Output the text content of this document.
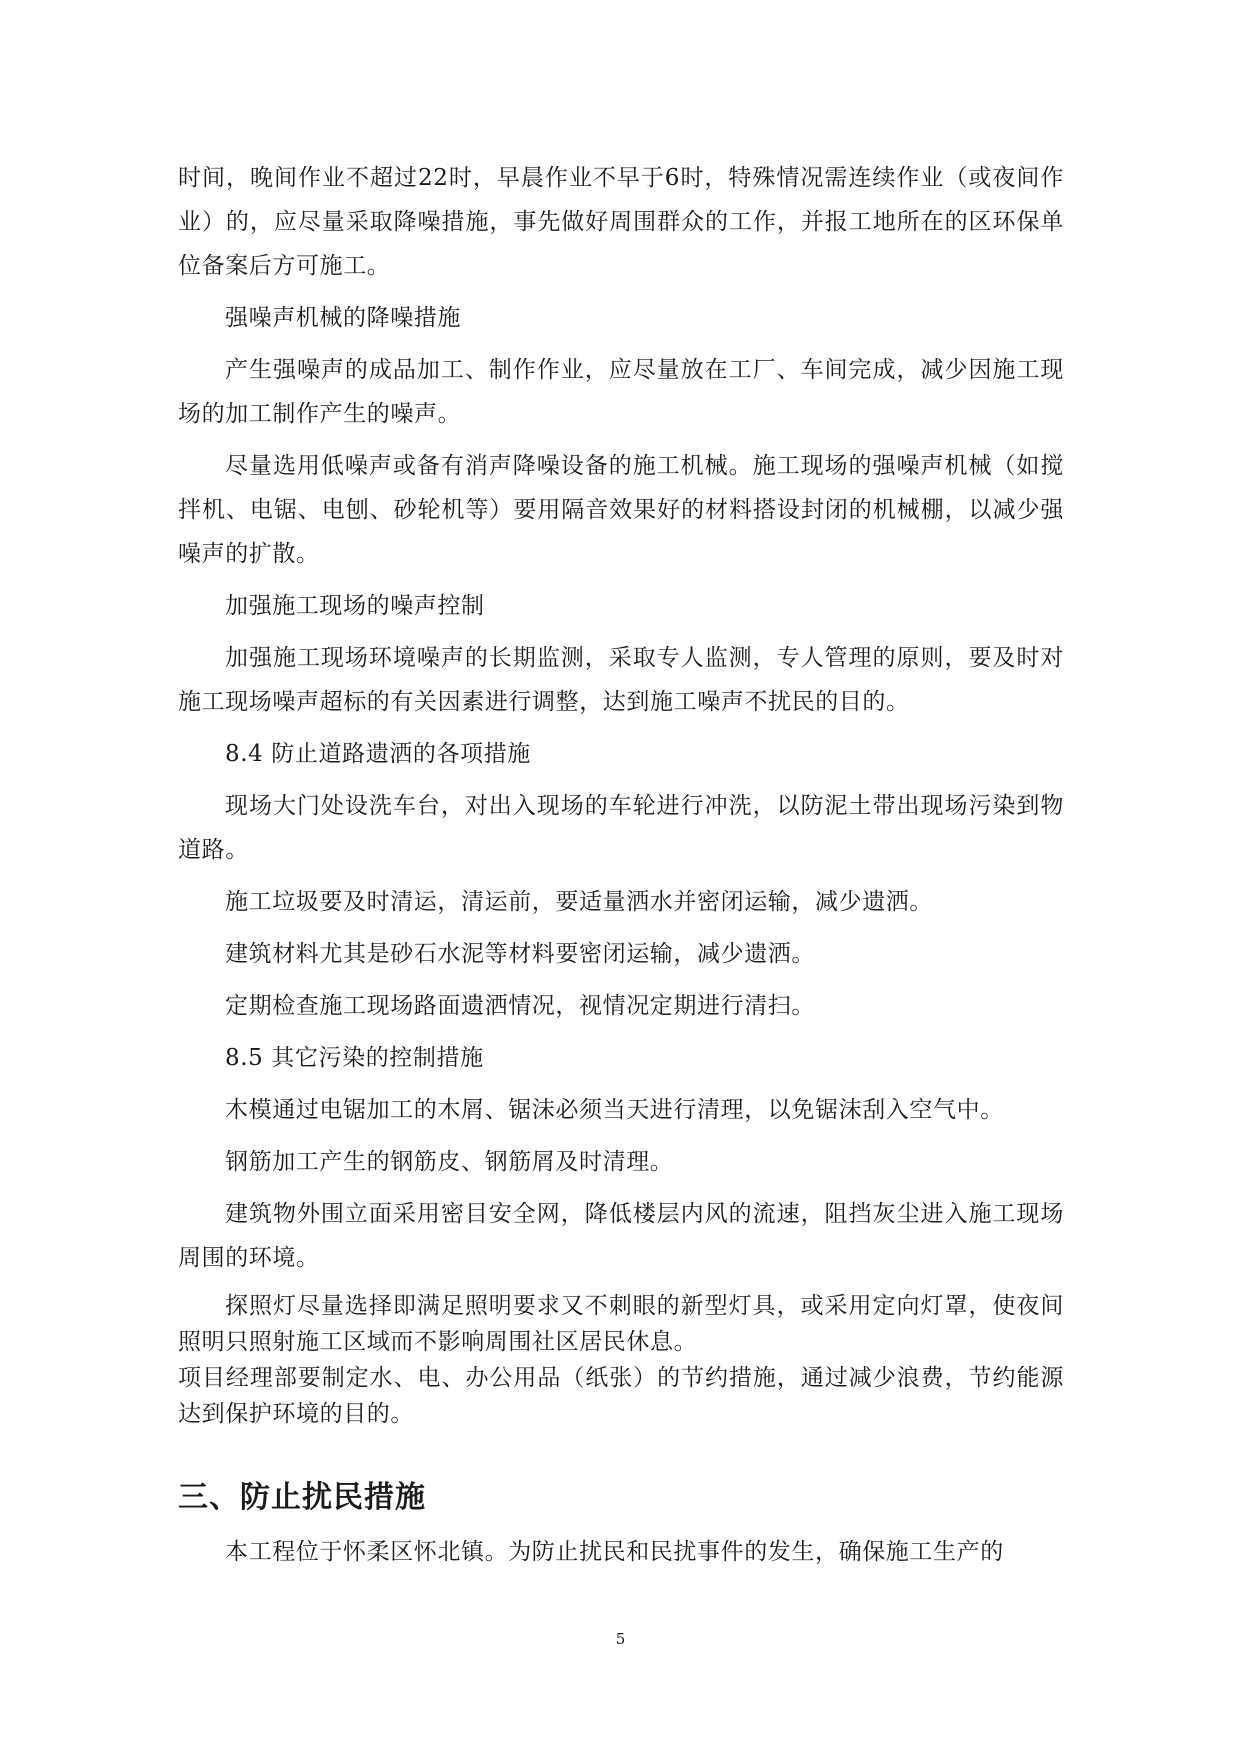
时间，晚间作业不超过22时，早晨作业不早于6时，特殊情况需连续作业（或夜间作业）的，应尽量采取降噪措施，事先做好周围群众的工作，并报工地所在的区环保单位备案后方可施工。

强噪声机械的降噪措施

产生强噪声的成品加工、制作作业，应尽量放在工厂、车间完成，减少因施工现场的加工制作产生的噪声。

尽量选用低噪声或备有消声降噪设备的施工机械。施工现场的强噪声机械（如搅拌机、电锯、电刨、砂轮机等）要用隔音效果好的材料搭设封闭的机械棚，以减少强噪声的扩散。

加强施工现场的噪声控制

加强施工现场环境噪声的长期监测，采取专人监测，专人管理的原则，要及时对施工现场噪声超标的有关因素进行调整，达到施工噪声不扰民的目的。

8.4 防止道路遗洒的各项措施

现场大门处设洗车台，对出入现场的车轮进行冲洗，以防泥土带出现场污染到物道路。

施工垃圾要及时清运，清运前，要适量洒水并密闭运输，减少遗洒。

建筑材料尤其是砂石水泥等材料要密闭运输，减少遗洒。

定期检查施工现场路面遗洒情况，视情况定期进行清扫。

8.5 其它污染的控制措施

木模通过电锯加工的木屑、锯沫必须当天进行清理，以免锯沫刮入空气中。

钢筋加工产生的钢筋皮、钢筋屑及时清理。

建筑物外围立面采用密目安全网，降低楼层内风的流速，阻挡灰尘进入施工现场周围的环境。

探照灯尽量选择即满足照明要求又不刺眼的新型灯具，或采用定向灯罩，使夜间照明只照射施工区域而不影响周围社区居民休息。

项目经理部要制定水、电、办公用品（纸张）的节约措施，通过减少浪费，节约能源达到保护环境的目的。

三、防止扰民措施

本工程位于怀柔区怀北镇。为防止扰民和民扰事件的发生，确保施工生产的

5
